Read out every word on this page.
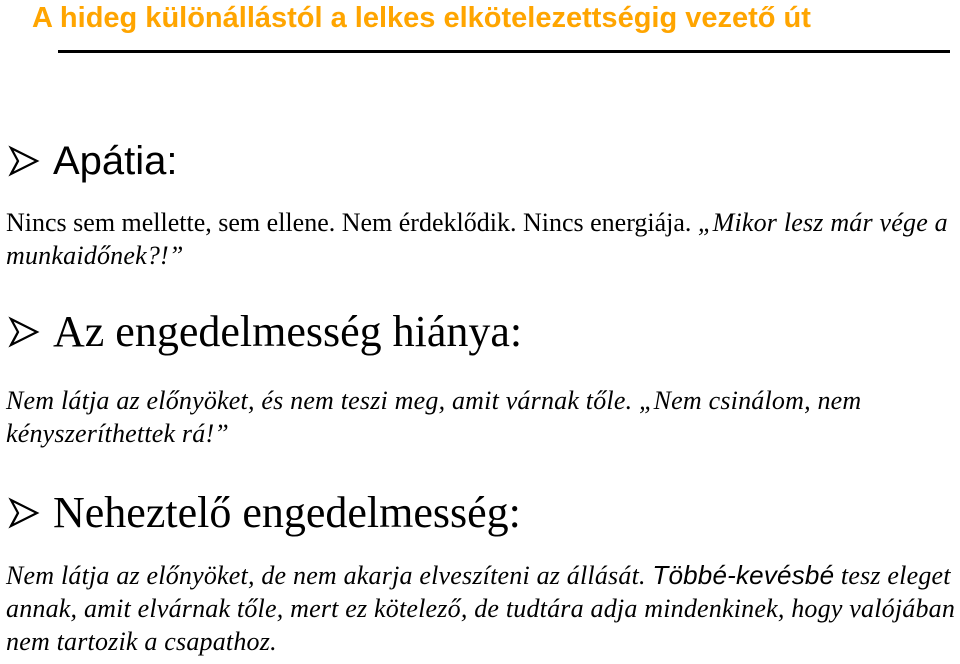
A hideg különállástól a lelkes elkötelezettségig vezető út
Apátia:

Nincs sem mellette, sem ellene. Nem érdeklődik. Nincs energiája. „Mikor lesz már vége a munkaidőnek?!”

Az engedelmesség hiánya:

Nem látja az előnyöket, és nem teszi meg, amit várnak tőle. „Nem csinálom, nem kényszeríthettek rá!”

Neheztelő engedelmesség:

Nem látja az előnyöket, de nem akarja elveszíteni az állását. Többé-kevésbé tesz eleget annak, amit elvárnak tőle, mert ez kötelező, de tudtára adja mindenkinek, hogy valójában nem tartozik a csapathoz.
